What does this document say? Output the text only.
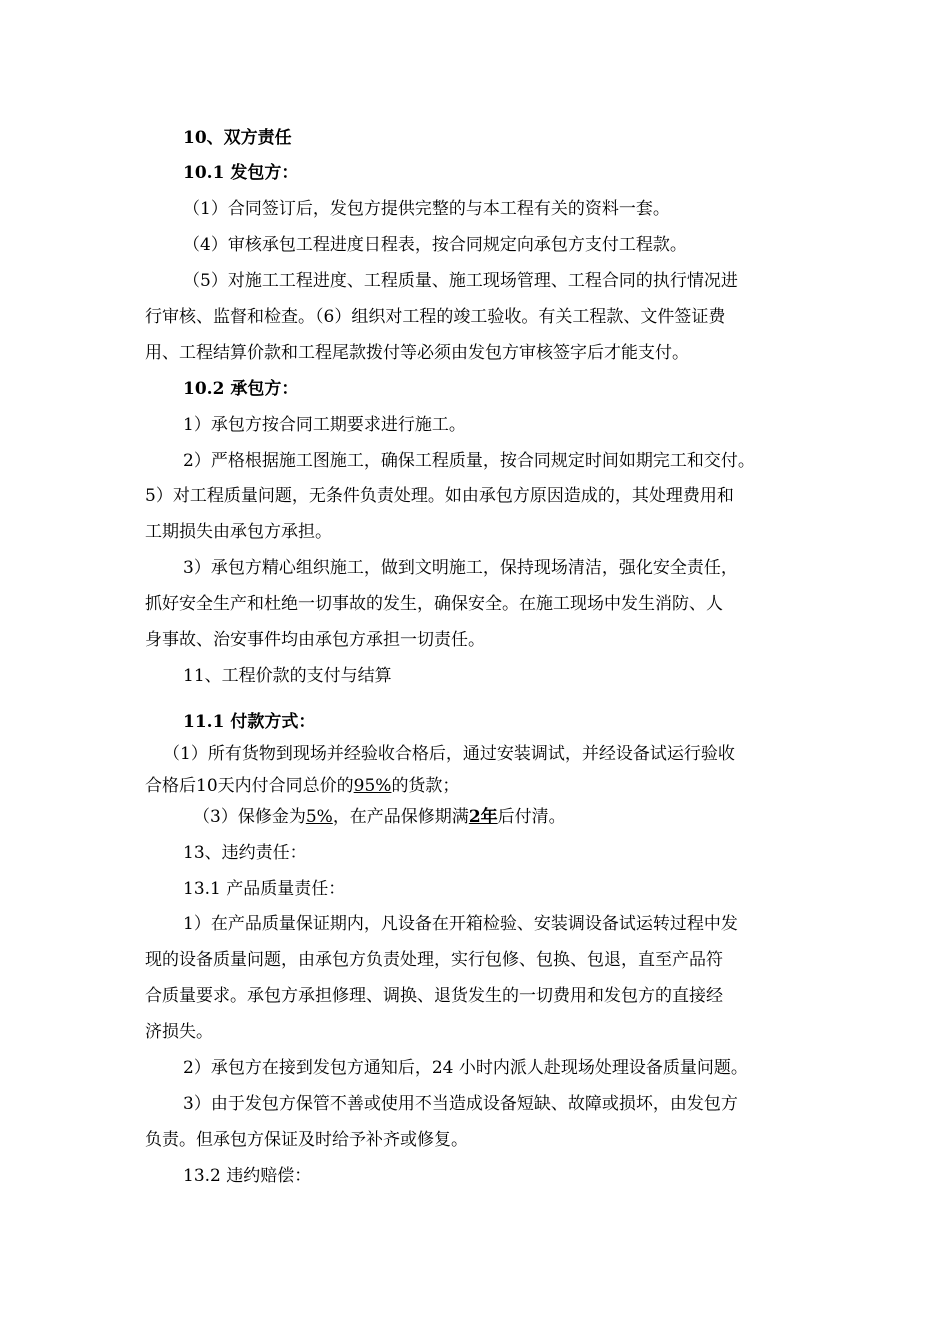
10、双方责任
10.1 发包方：
（1）合同签订后，发包方提供完整的与本工程有关的资料一套。
（4）审核承包工程进度日程表，按合同规定向承包方支付工程款。
（5）对施工工程进度、工程质量、施工现场管理、工程合同的执行情况进
行审核、监督和检查。（6）组织对工程的竣工验收。有关工程款、文件签证费
用、工程结算价款和工程尾款拨付等必须由发包方审核签字后才能支付。
10.2 承包方：
1）承包方按合同工期要求进行施工。
2）严格根据施工图施工，确保工程质量，按合同规定时间如期完工和交付。
5）对工程质量问题，无条件负责处理。如由承包方原因造成的，其处理费用和
工期损失由承包方承担。
3）承包方精心组织施工，做到文明施工，保持现场清洁，强化安全责任，
抓好安全生产和杜绝一切事故的发生，确保安全。在施工现场中发生消防、人
身事故、治安事件均由承包方承担一切责任。
11、工程价款的支付与结算
11.1 付款方式：
（1）所有货物到现场并经验收合格后，通过安装调试，并经设备试运行验收
合格后10天内付合同总价的95%的货款；
（3）保修金为5%，在产品保修期满2年后付清。
13、违约责任：
13.1 产品质量责任：
1）在产品质量保证期内，凡设备在开箱检验、安装调设备试运转过程中发
现的设备质量问题，由承包方负责处理，实行包修、包换、包退，直至产品符
合质量要求。承包方承担修理、调换、退货发生的一切费用和发包方的直接经
济损失。
2）承包方在接到发包方通知后，24 小时内派人赴现场处理设备质量问题。
3）由于发包方保管不善或使用不当造成设备短缺、故障或损坏，由发包方
负责。但承包方保证及时给予补齐或修复。
13.2 违约赔偿：
